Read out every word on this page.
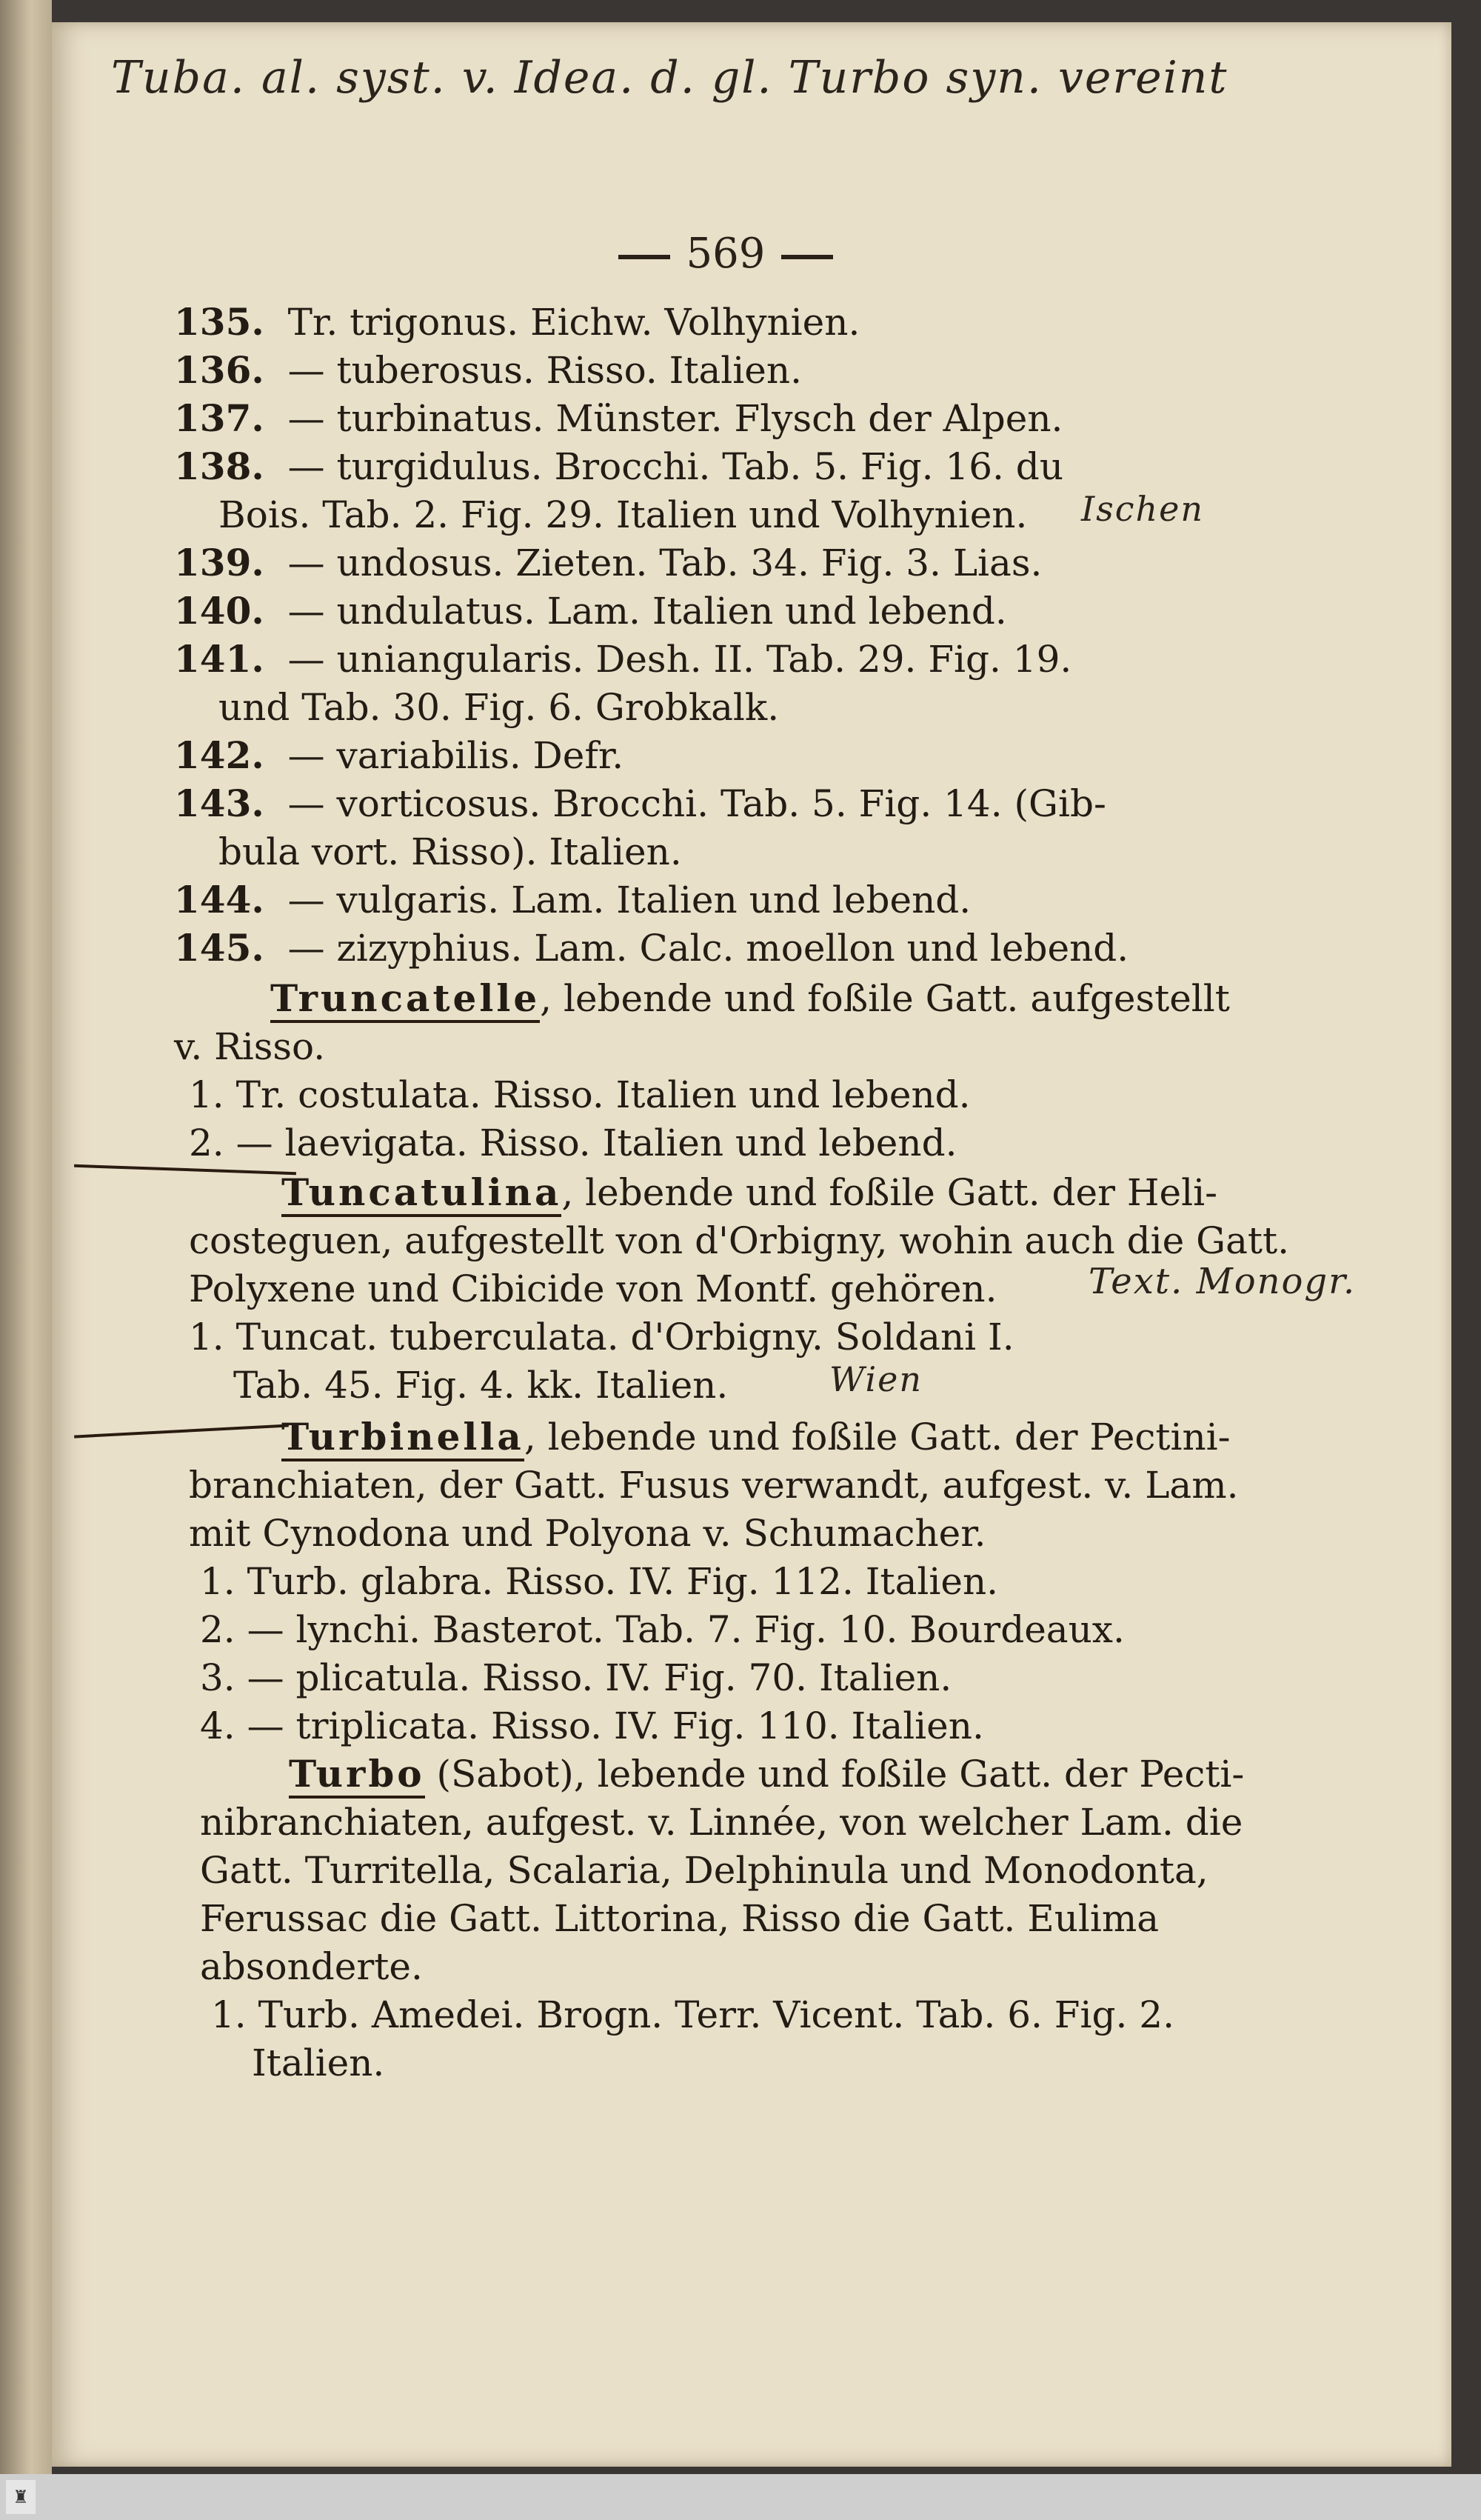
Tuba. al. syst. v. Idea. d. gl. Turbo syn. vereint
569
135. Tr. trigonus. Eichw. Volhynien.
136. — tuberosus. Risso. Italien.
137. — turbinatus. Münster. Flysch der Alpen.
138. — turgidulus. Brocchi. Tab. 5. Fig. 16. du
Bois. Tab. 2. Fig. 29. Italien und Volhynien. Ischen
139. — undosus. Zieten. Tab. 34. Fig. 3. Lias.
140. — undulatus. Lam. Italien und lebend.
141. — uniangularis. Desh. II. Tab. 29. Fig. 19.
und Tab. 30. Fig. 6. Grobkalk.
142. — variabilis. Defr.
143. — vorticosus. Brocchi. Tab. 5. Fig. 14. (Gib-
bula vort. Risso). Italien.
144. — vulgaris. Lam. Italien und lebend.
145. — zizyphius. Lam. Calc. moellon und lebend.
Truncatelle, lebende und foßile Gatt. aufgestellt
v. Risso.
1. Tr. costulata. Risso. Italien und lebend.
2. — laevigata. Risso. Italien und lebend.
Tuncatulina, lebende und foßile Gatt. der Heli-
costeguen, aufgestellt von d'Orbigny, wohin auch die Gatt.
Polyxene und Cibicide von Montf. gehören.	Text. Monogr.
1. Tuncat. tuberculata. d'Orbigny. Soldani I.
Tab. 45. Fig. 4. kk. Italien.	Wien
Turbinella, lebende und foßile Gatt. der Pectini-
branchiaten, der Gatt. Fusus verwandt, aufgest. v. Lam.
mit Cynodona und Polyona v. Schumacher.
1. Turb. glabra. Risso. IV. Fig. 112. Italien.
2. — lynchi. Basterot. Tab. 7. Fig. 10. Bourdeaux.
3. — plicatula. Risso. IV. Fig. 70. Italien.
4. — triplicata. Risso. IV. Fig. 110. Italien.
Turbo (Sabot), lebende und foßile Gatt. der Pecti-
nibranchiaten, aufgest. v. Linnée, von welcher Lam. die
Gatt. Turritella, Scalaria, Delphinula und Monodonta,
Ferussac die Gatt. Littorina, Risso die Gatt. Eulima
absonderte.
1. Turb. Amedei. Brogn. Terr. Vicent. Tab. 6. Fig. 2.
Italien.
♜
